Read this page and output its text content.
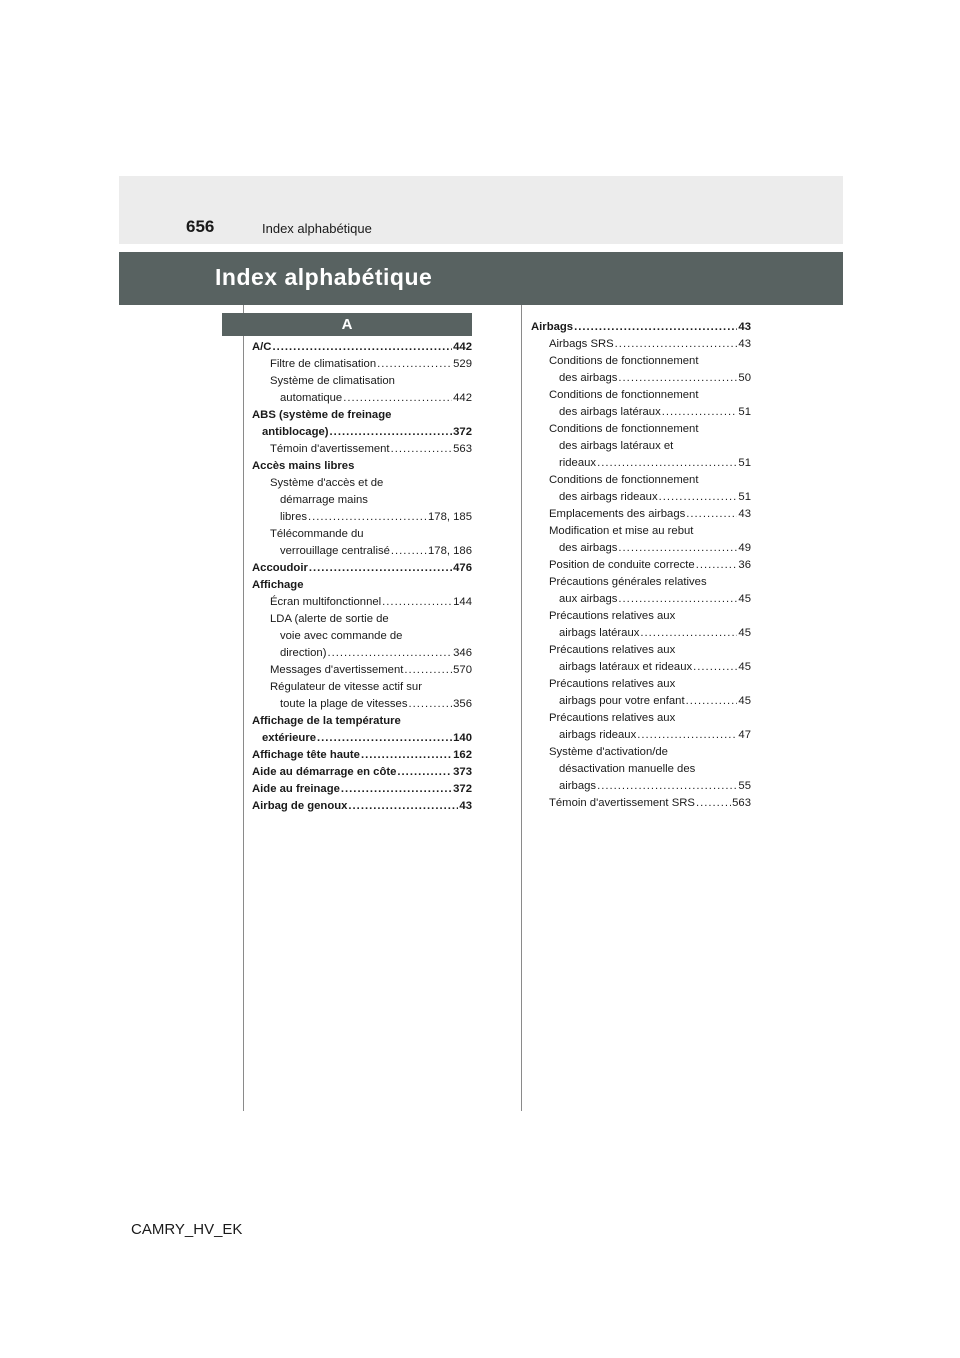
656	Index alphabétique
Index alphabétique
A
A/C .....	442
Filtre de climatisation .....	529
Système de climatisation
automatique .....	442
ABS (système de freinage
antiblocage) .....	372
Témoin d'avertissement .....	563
Accès mains libres
Système d'accès et de
démarrage mains
libres .....	178, 185
Télécommande du
verrouillage centralisé .....	178, 186
Accoudoir .....	476
Affichage
Écran multifonctionnel .....	144
LDA (alerte de sortie de
voie avec commande de
direction) .....	346
Messages d'avertissement .....	570
Régulateur de vitesse actif sur
toute la plage de vitesses .....	356
Affichage de la température
extérieure .....	140
Affichage tête haute .....	162
Aide au démarrage en côte .....	373
Aide au freinage .....	372
Airbag de genoux .....	43
Airbags .....	43
Airbags SRS .....	43
Conditions de fonctionnement
des airbags .....	50
Conditions de fonctionnement
des airbags latéraux .....	51
Conditions de fonctionnement
des airbags latéraux et
rideaux .....	51
Conditions de fonctionnement
des airbags rideaux .....	51
Emplacements des airbags .....	43
Modification et mise au rebut
des airbags .....	49
Position de conduite correcte .....	36
Précautions générales relatives
aux airbags .....	45
Précautions relatives aux
airbags latéraux .....	45
Précautions relatives aux
airbags latéraux et rideaux .....	45
Précautions relatives aux
airbags pour votre enfant .....	45
Précautions relatives aux
airbags rideaux .....	47
Système d'activation/de
désactivation manuelle des
airbags .....	55
Témoin d'avertissement SRS .....	563
CAMRY_HV_EK
